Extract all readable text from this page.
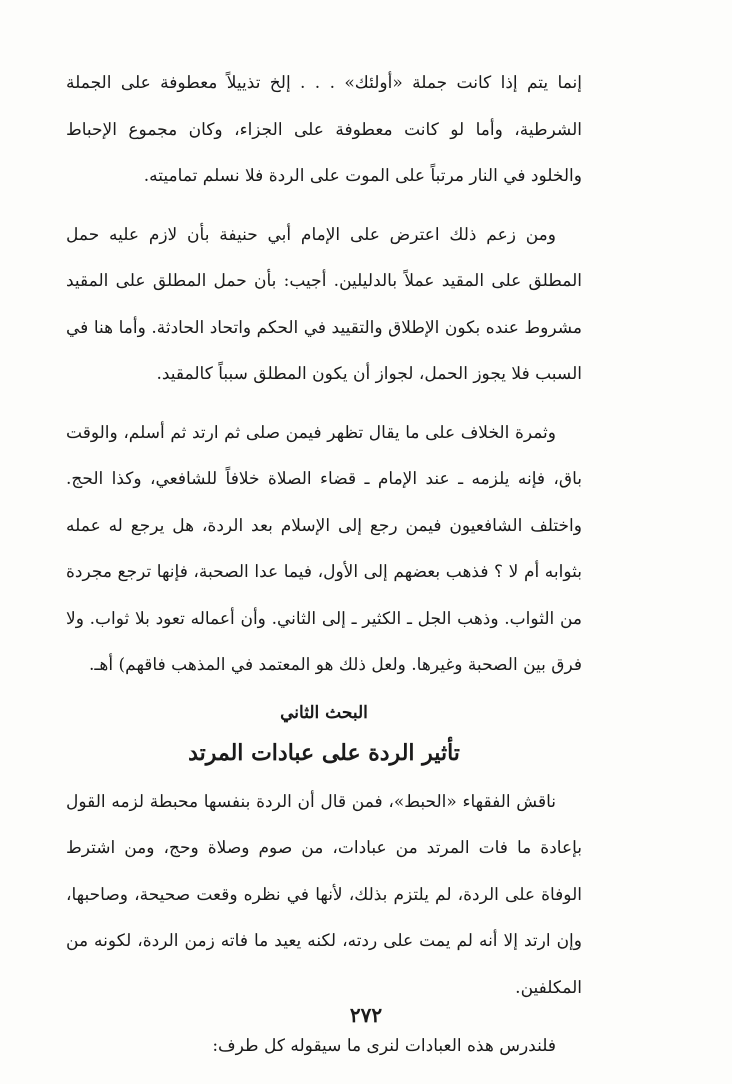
إنما يتم إذا كانت جملة «أولئك» . . . إلخ تذييلاً معطوفة على الجملة الشرطية، وأما لو كانت معطوفة على الجزاء، وكان مجموع الإحباط والخلود في النار مرتباً على الموت على الردة فلا نسلم تماميته.

ومن زعم ذلك اعترض على الإمام أبي حنيفة بأن لازم عليه حمل المطلق على المقيد عملاً بالدليلين. أجيب: بأن حمل المطلق على المقيد مشروط عنده بكون الإطلاق والتقييد في الحكم واتحاد الحادثة. وأما هنا في السبب فلا يجوز الحمل، لجواز أن يكون المطلق سبباً كالمقيد.

وثمرة الخلاف على ما يقال تظهر فيمن صلى ثم ارتد ثم أسلم، والوقت باق، فإنه يلزمه ـ عند الإمام ـ قضاء الصلاة خلافاً للشافعي، وكذا الحج. واختلف الشافعيون فيمن رجع إلى الإسلام بعد الردة، هل يرجع له عمله بثوابه أم لا ؟ فذهب بعضهم إلى الأول، فيما عدا الصحبة، فإنها ترجع مجردة من الثواب. وذهب الجل ـ الكثير ـ إلى الثاني. وأن أعماله تعود بلا ثواب. ولا فرق بين الصحبة وغيرها. ولعل ذلك هو المعتمد في المذهب فاقهم) أهـ.

البحث الثاني
تأثير الردة على عبادات المرتد

ناقش الفقهاء «الحبط»، فمن قال أن الردة بنفسها محبطة لزمه القول بإعادة ما فات المرتد من عبادات، من صوم وصلاة وحج، ومن اشترط الوفاة على الردة، لم يلتزم بذلك، لأنها في نظره وقعت صحيحة، وصاحبها، وإن ارتد إلا أنه لم يمت على ردته، لكنه يعيد ما فاته زمن الردة، لكونه من المكلفين.

فلندرس هذه العبادات لنرى ما سيقوله كل طرف:

٢٧٢
